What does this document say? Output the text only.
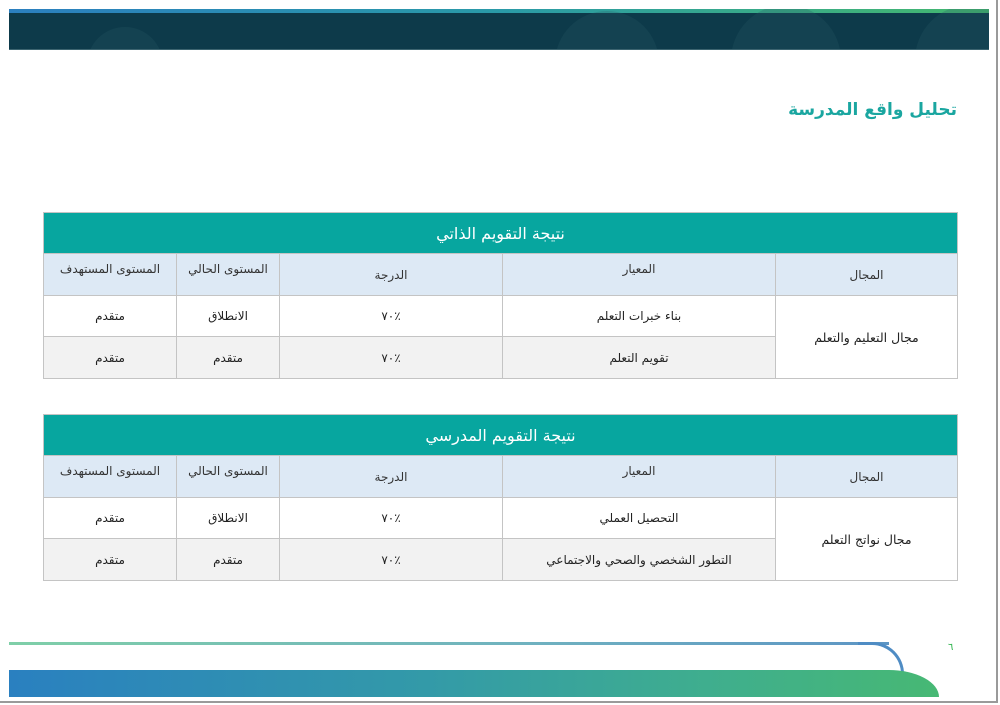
تحليل واقع المدرسة
نتيجة التقويم الذاتي
المجال
المعيار
الدرجة
المستوى الحالي
المستوى المستهدف
مجال التعليم والتعلم
بناء خبرات التعلم
٪٧٠
الانطلاق
متقدم
تقويم التعلم
٪٧٠
متقدم
متقدم
نتيجة التقويم المدرسي
المجال
المعيار
الدرجة
المستوى الحالي
المستوى المستهدف
مجال نواتج التعلم
التحصيل العملي
٪٧٠
الانطلاق
متقدم
التطور الشخصي والصحي والاجتماعي
٪٧٠
متقدم
متقدم
٦
